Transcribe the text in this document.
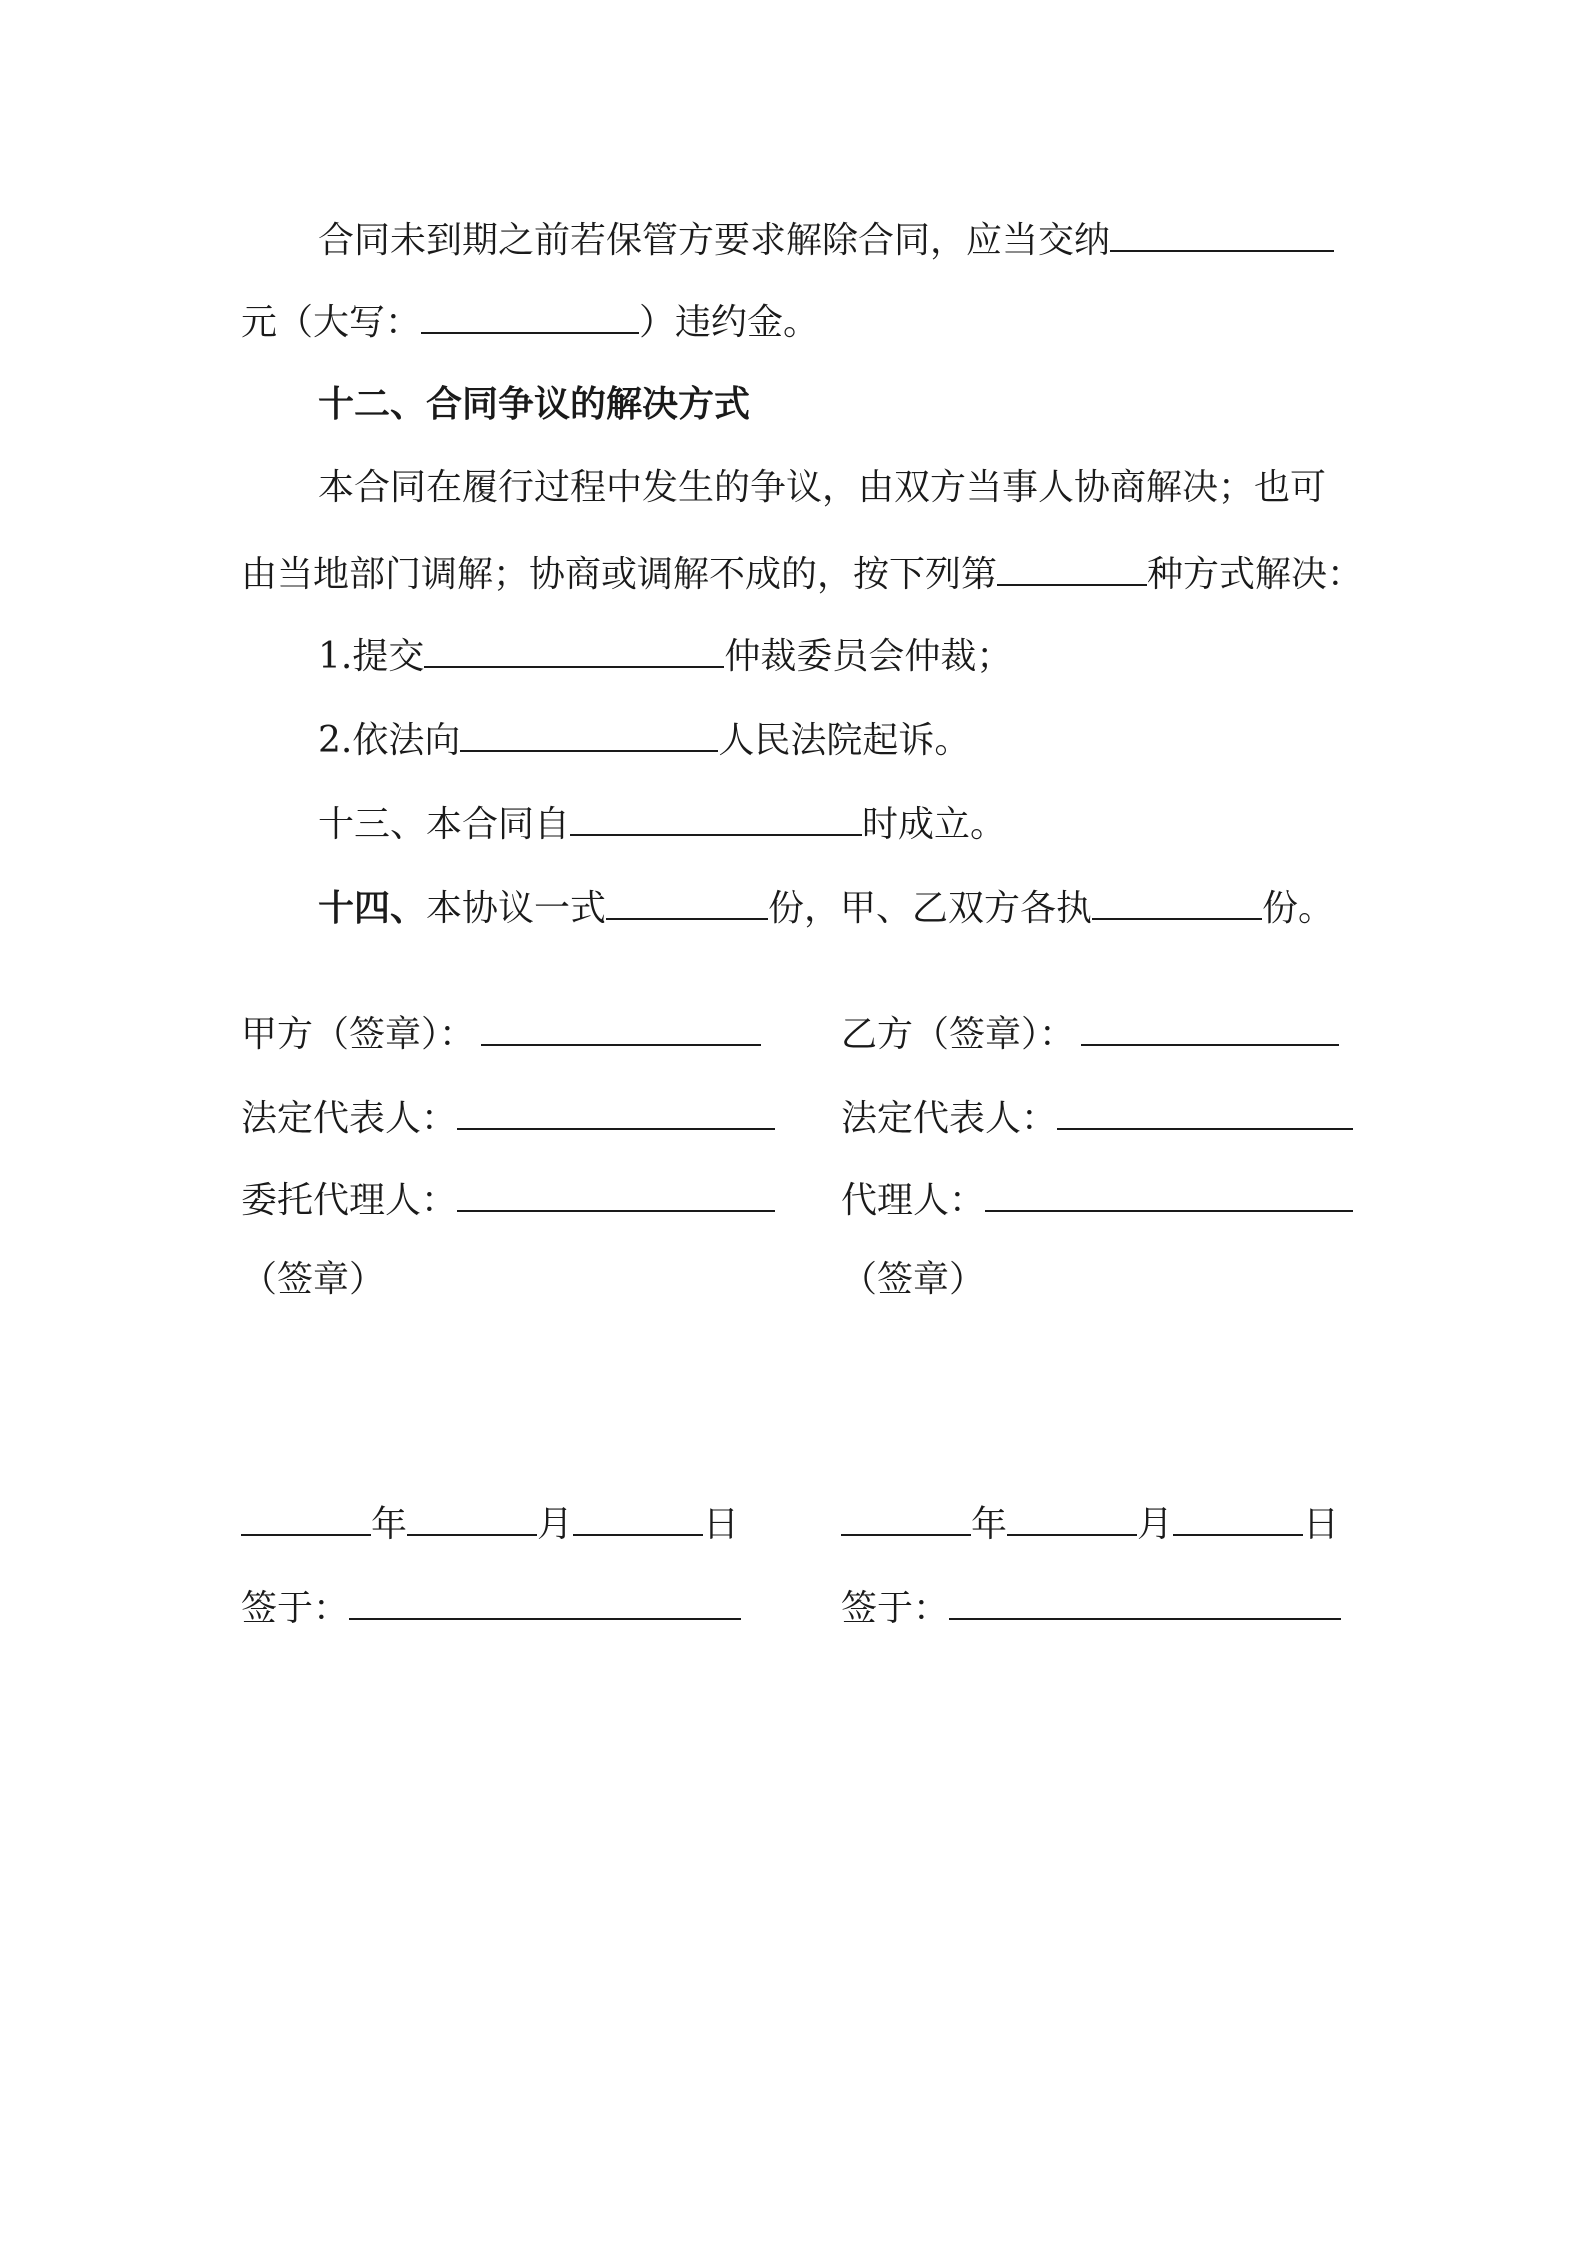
合同未到期之前若保管方要求解除合同，应当交纳
元（大写：	）违约金。
十二、合同争议的解决方式
本合同在履行过程中发生的争议，由双方当事人协商解决；也可
由当地部门调解；协商或调解不成的，按下列第	种方式解决：
1.提交	仲裁委员会仲裁；
2.依法向	人民法院起诉。
十三、本合同自	时成立。
十四、本协议一式	份，甲、乙双方各执	份。
甲方（签章）：
法定代表人：
委托代理人：
（签章）
年	月	日
签于：
乙方（签章）：
法定代表人：
代理人：
（签章）
年	月	日
签于：
